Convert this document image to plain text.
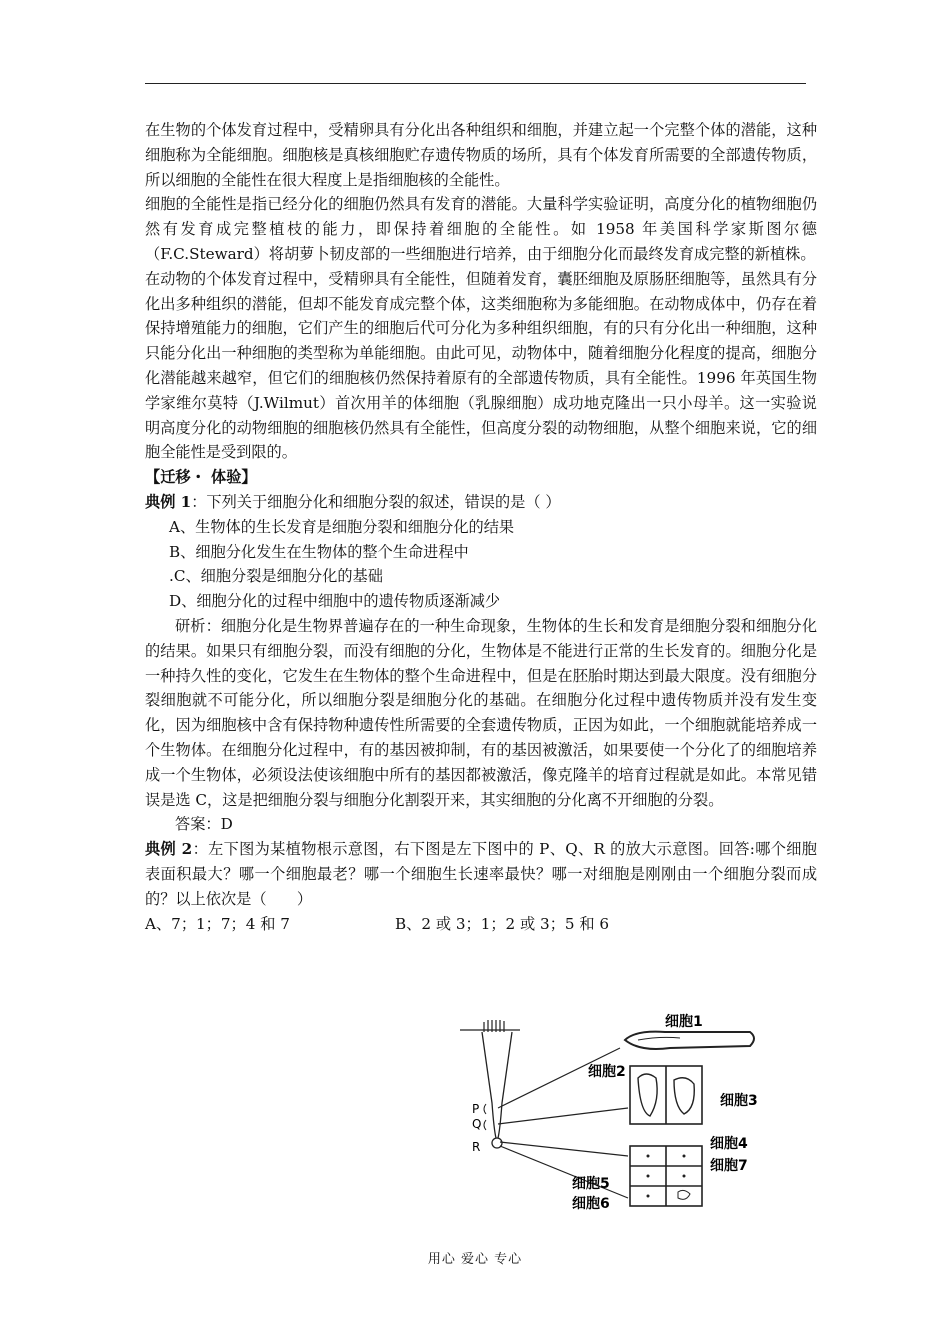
在生物的个体发育过程中，受精卵具有分化出各种组织和细胞，并建立起一个完整个体的潜能，这种细胞称为全能细胞。细胞核是真核细胞贮存遗传物质的场所，具有个体发育所需要的全部遗传物质，所以细胞的全能性在很大程度上是指细胞核的全能性。

细胞的全能性是指已经分化的细胞仍然具有发育的潜能。大量科学实验证明，高度分化的植物细胞仍然有发育成完整植枝的能力，即保持着细胞的全能性。如 1958 年美国科学家斯图尔德（F.C.Steward）将胡萝卜韧皮部的一些细胞进行培养，由于细胞分化而最终发育成完整的新植株。

在动物的个体发育过程中，受精卵具有全能性，但随着发育，囊胚细胞及原肠胚细胞等，虽然具有分化出多种组织的潜能，但却不能发育成完整个体，这类细胞称为多能细胞。在动物成体中，仍存在着保持增殖能力的细胞，它们产生的细胞后代可分化为多种组织细胞，有的只有分化出一种细胞，这种只能分化出一种细胞的类型称为单能细胞。由此可见，动物体中，随着细胞分化程度的提高，细胞分化潜能越来越窄，但它们的细胞核仍然保持着原有的全部遗传物质，具有全能性。1996 年英国生物学家维尔莫特（J.Wilmut）首次用羊的体细胞（乳腺细胞）成功地克隆出一只小母羊。这一实验说明高度分化的动物细胞的细胞核仍然具有全能性，但高度分裂的动物细胞，从整个细胞来说，它的细胞全能性是受到限的。

【迁移・ 体验】

典例 1：下列关于细胞分化和细胞分裂的叙述，错误的是（ ）

A、生物体的生长发育是细胞分裂和细胞分化的结果

B、细胞分化发生在生物体的整个生命进程中

.C、细胞分裂是细胞分化的基础

D、细胞分化的过程中细胞中的遗传物质逐渐减少

研析：细胞分化是生物界普遍存在的一种生命现象，生物体的生长和发育是细胞分裂和细胞分化的结果。如果只有细胞分裂，而没有细胞的分化，生物体是不能进行正常的生长发育的。细胞分化是一种持久性的变化，它发生在生物体的整个生命进程中，但是在胚胎时期达到最大限度。没有细胞分裂细胞就不可能分化，所以细胞分裂是细胞分化的基础。在细胞分化过程中遗传物质并没有发生变化，因为细胞核中含有保持物种遗传性所需要的全套遗传物质，正因为如此，一个细胞就能培养成一个生物体。在细胞分化过程中，有的基因被抑制，有的基因被激活，如果要使一个分化了的细胞培养成一个生物体，必须设法使该细胞中所有的基因都被激活，像克隆羊的培育过程就是如此。本常见错误是选 C，这是把细胞分裂与细胞分化割裂开来，其实细胞的分化离不开细胞的分裂。

答案：D

典例 2：左下图为某植物根示意图，右下图是左下图中的 P、Q、R 的放大示意图。回答:哪个细胞表面积最大？哪一个细胞最老？哪一个细胞生长速率最快？哪一对细胞是刚刚由一个细胞分裂而成的？以上依次是（　　）

A、7；1；7；4 和 7	B、2 或 3；1；2 或 3；5 和 6
P
Q
R
细胞1
细胞2
细胞3
细胞4
细胞7
细胞5
细胞6
用心 爱心 专心
